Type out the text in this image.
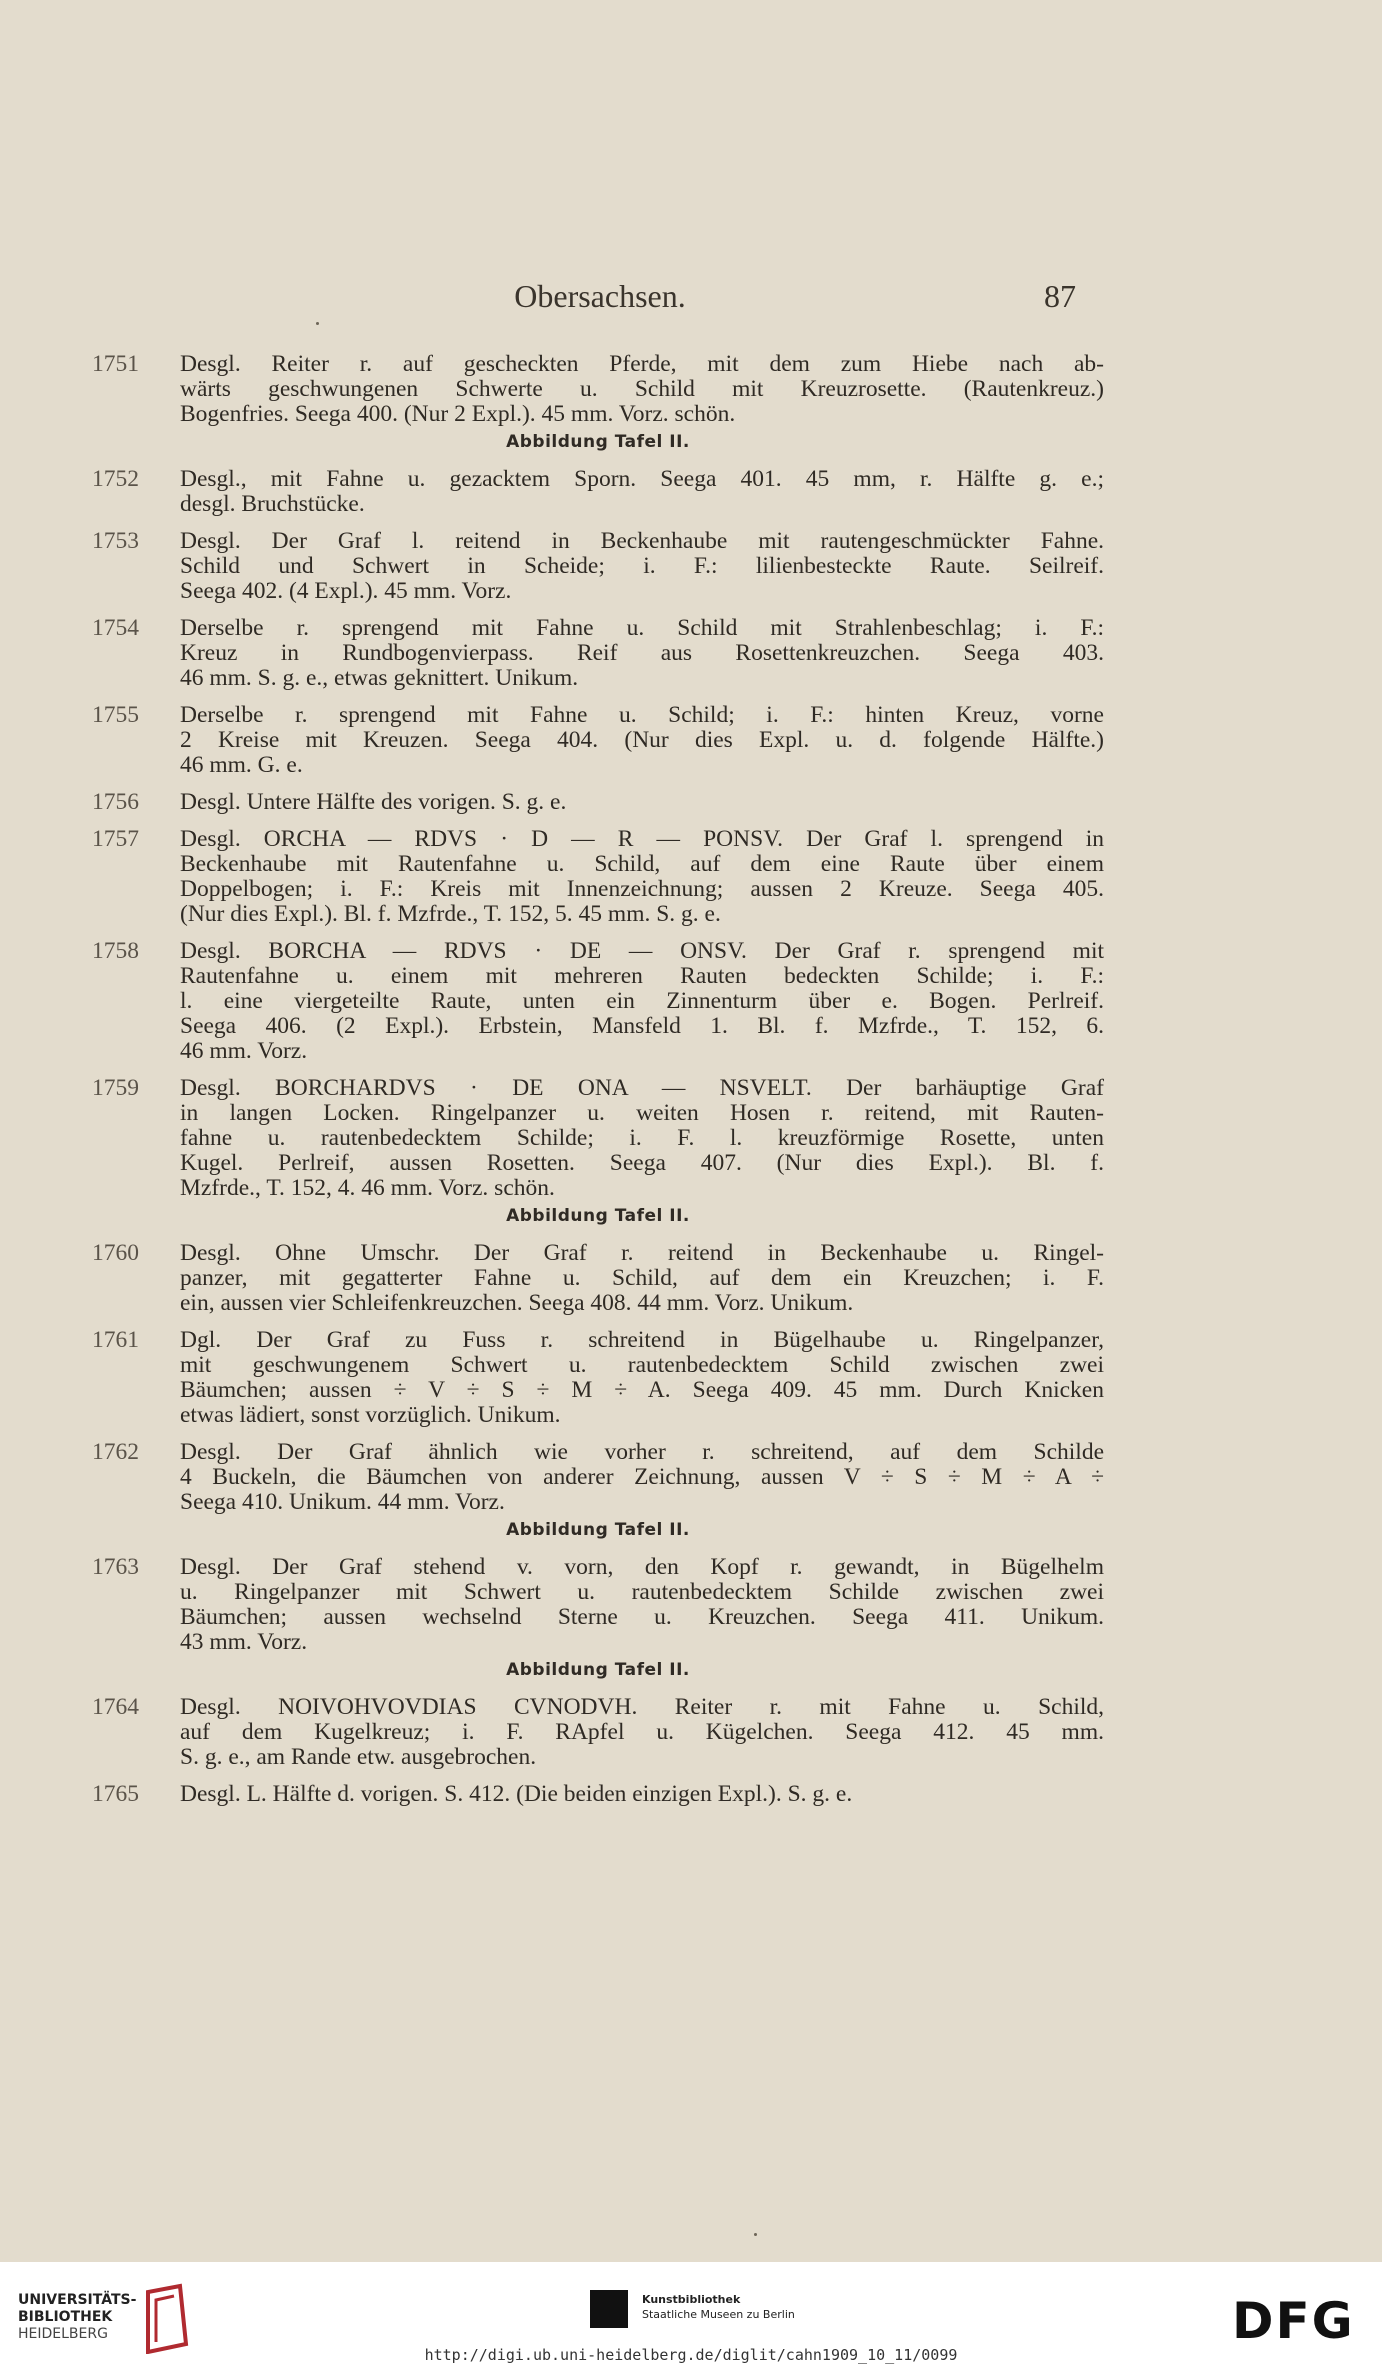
Obersachsen.	87
1751	Desgl. Reiter r. auf gescheckten Pferde, mit dem zum Hiebe nach ab-
wärts geschwungenen Schwerte u. Schild mit Kreuzrosette. (Rautenkreuz.)
Bogenfries. Seega 400. (Nur 2 Expl.). 45 mm. Vorz. schön.
Abbildung Tafel II.
1752	Desgl., mit Fahne u. gezacktem Sporn. Seega 401. 45 mm, r. Hälfte g. e.;
desgl. Bruchstücke.
1753	Desgl. Der Graf l. reitend in Beckenhaube mit rautengeschmückter Fahne.
Schild und Schwert in Scheide; i. F.: lilienbesteckte Raute. Seilreif.
Seega 402. (4 Expl.). 45 mm. Vorz.
1754	Derselbe r. sprengend mit Fahne u. Schild mit Strahlenbeschlag; i. F.:
Kreuz in Rundbogenvierpass. Reif aus Rosettenkreuzchen. Seega 403.
46 mm. S. g. e., etwas geknittert. Unikum.
1755	Derselbe r. sprengend mit Fahne u. Schild; i. F.: hinten Kreuz, vorne
2 Kreise mit Kreuzen. Seega 404. (Nur dies Expl. u. d. folgende Hälfte.)
46 mm. G. e.
1756	Desgl. Untere Hälfte des vorigen. S. g. e.
1757	Desgl. ORCHA — RDVS · D — R — PONSV. Der Graf l. sprengend in
Beckenhaube mit Rautenfahne u. Schild, auf dem eine Raute über einem
Doppelbogen; i. F.: Kreis mit Innenzeichnung; aussen 2 Kreuze. Seega 405.
(Nur dies Expl.). Bl. f. Mzfrde., T. 152, 5. 45 mm. S. g. e.
1758	Desgl. BORCHA — RDVS · DE — ONSV. Der Graf r. sprengend mit
Rautenfahne u. einem mit mehreren Rauten bedeckten Schilde; i. F.:
l. eine viergeteilte Raute, unten ein Zinnenturm über e. Bogen. Perlreif.
Seega 406. (2 Expl.). Erbstein, Mansfeld 1. Bl. f. Mzfrde., T. 152, 6.
46 mm. Vorz.
1759	Desgl. BORCHARDVS · DE ONA — NSVELT. Der barhäuptige Graf
in langen Locken. Ringelpanzer u. weiten Hosen r. reitend, mit Rauten-
fahne u. rautenbedecktem Schilde; i. F. l. kreuzförmige Rosette, unten
Kugel. Perlreif, aussen Rosetten. Seega 407. (Nur dies Expl.). Bl. f.
Mzfrde., T. 152, 4. 46 mm. Vorz. schön.
Abbildung Tafel II.
1760	Desgl. Ohne Umschr. Der Graf r. reitend in Beckenhaube u. Ringel-
panzer, mit gegatterter Fahne u. Schild, auf dem ein Kreuzchen; i. F.
ein, aussen vier Schleifenkreuzchen. Seega 408. 44 mm. Vorz. Unikum.
1761	Dgl. Der Graf zu Fuss r. schreitend in Bügelhaube u. Ringelpanzer,
mit geschwungenem Schwert u. rautenbedecktem Schild zwischen zwei
Bäumchen; aussen ÷ V ÷ S ÷ M ÷ A. Seega 409. 45 mm. Durch Knicken
etwas lädiert, sonst vorzüglich. Unikum.
1762	Desgl. Der Graf ähnlich wie vorher r. schreitend, auf dem Schilde
4 Buckeln, die Bäumchen von anderer Zeichnung, aussen V ÷ S ÷ M ÷ A ÷
Seega 410. Unikum. 44 mm. Vorz.
Abbildung Tafel II.
1763	Desgl. Der Graf stehend v. vorn, den Kopf r. gewandt, in Bügelhelm
u. Ringelpanzer mit Schwert u. rautenbedecktem Schilde zwischen zwei
Bäumchen; aussen wechselnd Sterne u. Kreuzchen. Seega 411. Unikum.
43 mm. Vorz.
Abbildung Tafel II.
1764	Desgl. NOIVOHVOVDIAS CVNODVH. Reiter r. mit Fahne u. Schild,
auf dem Kugelkreuz; i. F. RApfel u. Kügelchen. Seega 412. 45 mm.
S. g. e., am Rande etw. ausgebrochen.
1765	Desgl. L. Hälfte d. vorigen. S. 412. (Die beiden einzigen Expl.). S. g. e.
UNIVERSITÄTS-
BIBLIOTHEK
HEIDELBERG
Kunstbibliothek
Staatliche Museen zu Berlin	DFG
http://digi.ub.uni-heidelberg.de/diglit/cahn1909_10_11/0099
